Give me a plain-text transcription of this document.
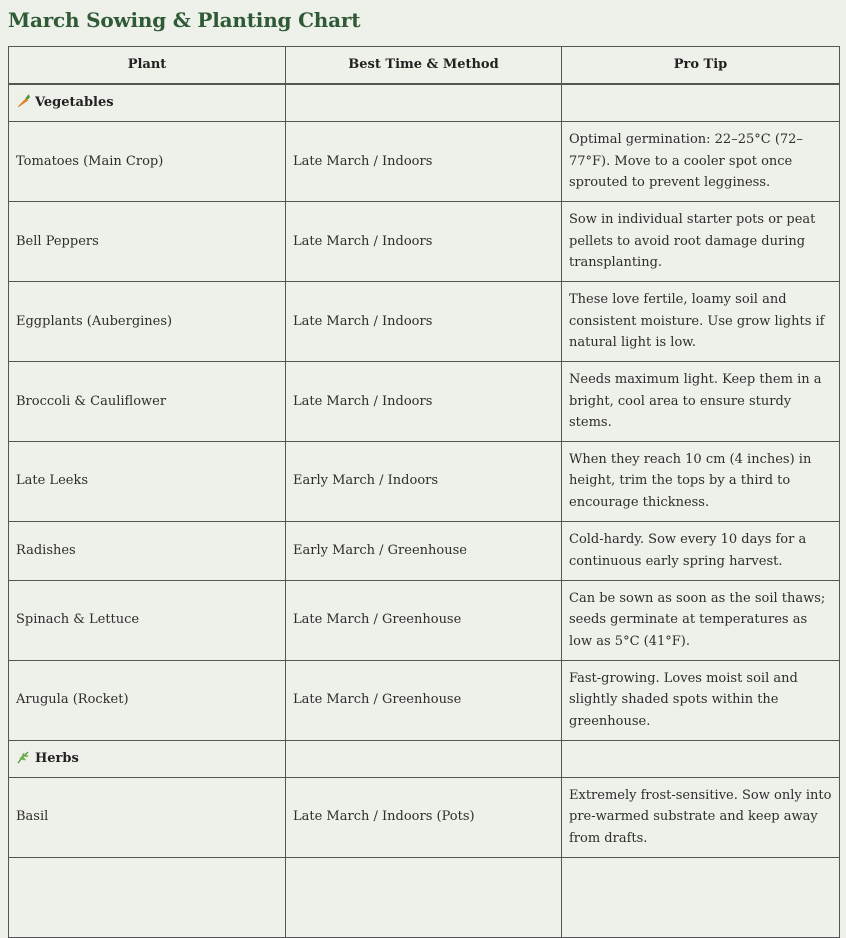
March Sowing & Planting Chart
Plant	Best Time & Method	Pro Tip
Vegetables		
Tomatoes (Main Crop)	Late March / Indoors	Optimal germination: 22–25°C (72–77°F). Move to a cooler spot once sprouted to prevent legginess.
Bell Peppers	Late March / Indoors	Sow in individual starter pots or peat pellets to avoid root damage during transplanting.
Eggplants (Aubergines)	Late March / Indoors	These love fertile, loamy soil and consistent moisture. Use grow lights if natural light is low.
Broccoli & Cauliflower	Late March / Indoors	Needs maximum light. Keep them in a bright, cool area to ensure sturdy stems.
Late Leeks	Early March / Indoors	When they reach 10 cm (4 inches) in height, trim the tops by a third to encourage thickness.
Radishes	Early March / Greenhouse	Cold-hardy. Sow every 10 days for a continuous early spring harvest.
Spinach & Lettuce	Late March / Greenhouse	Can be sown as soon as the soil thaws; seeds germinate at temperatures as low as 5°C (41°F).
Arugula (Rocket)	Late March / Greenhouse	Fast-growing. Loves moist soil and slightly shaded spots within the greenhouse.
Herbs		
Basil	Late March / Indoors (Pots)	Extremely frost-sensitive. Sow only into pre-warmed substrate and keep away from drafts.
